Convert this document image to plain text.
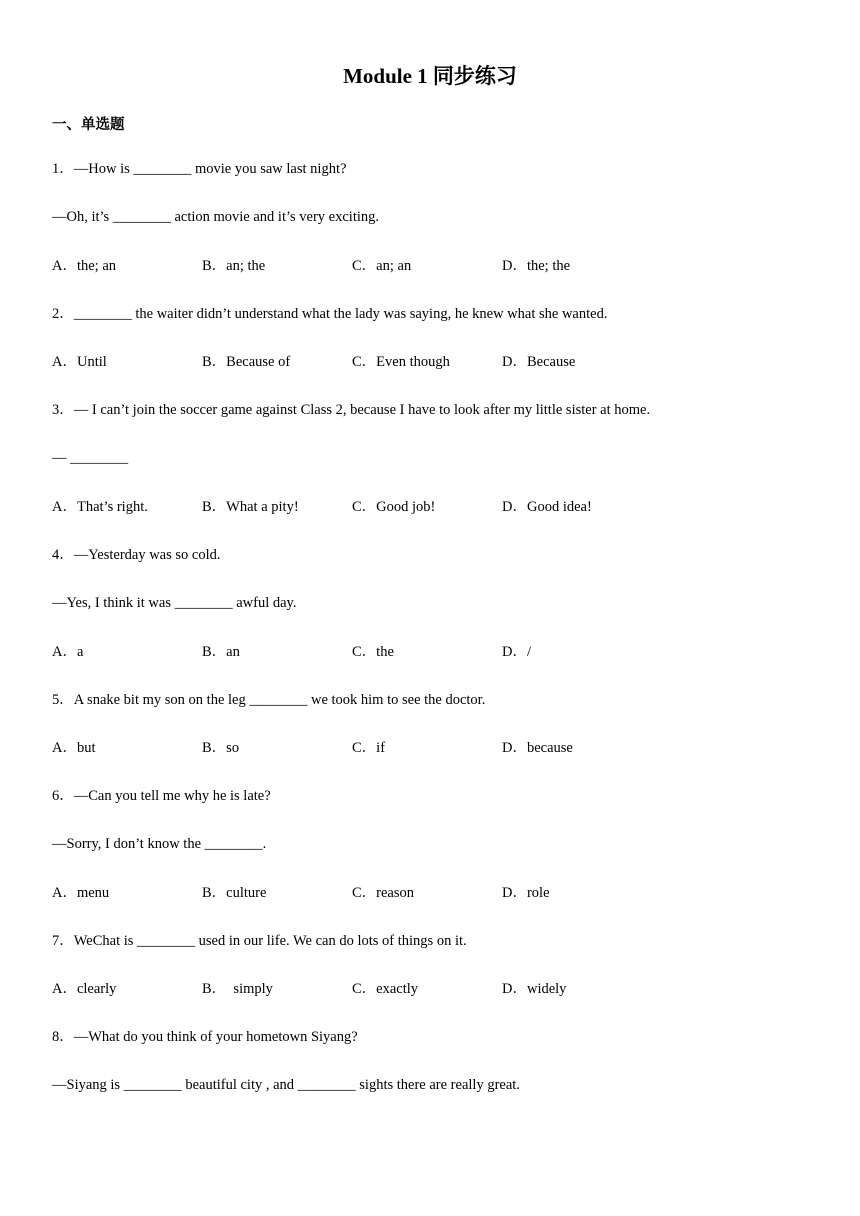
Module 1 同步练习
一、单选题
1．—How is ________ movie you saw last night?
—Oh, it’s ________ action movie and it’s very exciting.
A．the; an	B．an; the	C．an; an	D．the; the
2．________ the waiter didn’t understand what the lady was saying, he knew what she wanted.
A．Until	B．Because of	C．Even though	D．Because
3．— I can’t join the soccer game against Class 2, because I have to look after my little sister at home.
— ________
A．That’s right.	B．What a pity!	C．Good job!	D．Good idea!
4．—Yesterday was so cold.
—Yes, I think it was ________ awful day.
A．a	B．an	C．the	D．/
5．A snake bit my son on the leg ________ we took him to see the doctor.
A．but	B．so	C．if	D．because
6．—Can you tell me why he is late?
—Sorry, I don’t know the ________.
A．menu	B．culture	C．reason	D．role
7．WeChat is ________ used in our life. We can do lots of things on it.
A．clearly	B．  simply	C．exactly	D．widely
8．—What do you think of your hometown Siyang?
—Siyang is ________ beautiful city , and ________ sights there are really great.
